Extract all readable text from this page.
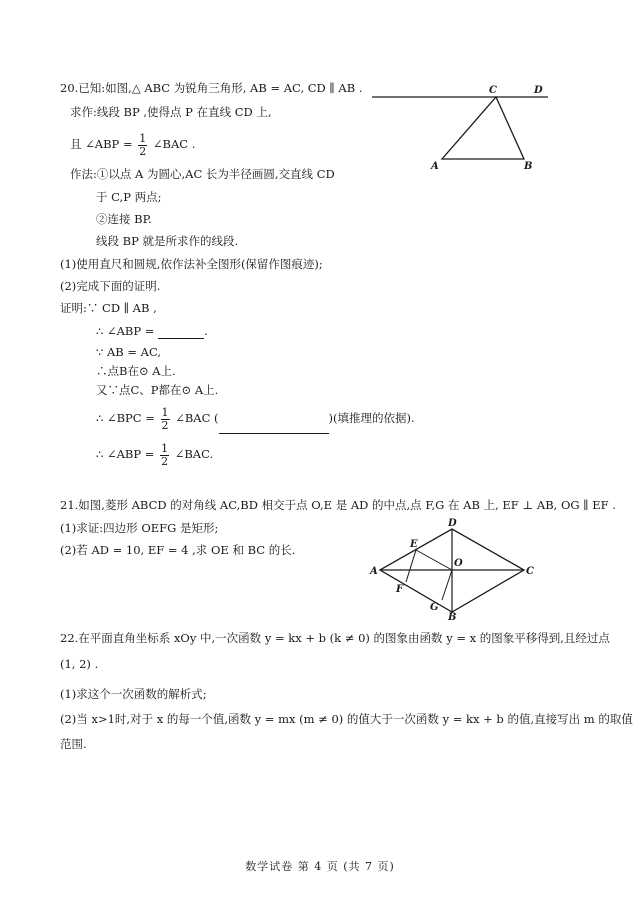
20.已知:如图,△ ABC 为锐角三角形, AB = AC, CD ∥ AB .
求作:线段 BP ,使得点 P 在直线 CD 上,
且 ∠ABP = $\frac{1}{2}$ ∠BAC .
作法:①以点 A 为圆心,AC 长为半径画圆,交直线 CD
于 C,P 两点;
②连接 BP.
线段 BP 就是所求作的线段.
(1)使用直尺和圆规,依作法补全图形(保留作图痕迹);
(2)完成下面的证明.
证明:∵ CD ∥ AB ,
∴ ∠ABP =	.
∵ AB = AC,
∴点B在⊙ A上.
又∵点C、P都在⊙ A上.
∴ ∠BPC = $\frac{1}{2}$ ∠BAC (	)(填推理的依据).
∴ ∠ABP = $\frac{1}{2}$ ∠BAC.
C	D
A	B
21.如图,菱形 ABCD 的对角线 AC,BD 相交于点 O,E 是 AD 的中点,点 F,G 在 AB 上, EF ⊥ AB, OG ∥ EF .
(1)求证:四边形 OEFG 是矩形;
(2)若 AD = 10, EF = 4 ,求 OE 和 BC 的长.
A
D
C
B
E
O
F
G
22.在平面直角坐标系 xOy 中,一次函数 y = kx + b (k ≠ 0) 的图象由函数 y = x 的图象平移得到,且经过点
(1, 2) .
(1)求这个一次函数的解析式;
(2)当 x>1时,对于 x 的每一个值,函数 y = mx (m ≠ 0) 的值大于一次函数 y = kx + b 的值,直接写出 m 的取值
范围.
数学试卷 第 4 页 (共 7 页)
